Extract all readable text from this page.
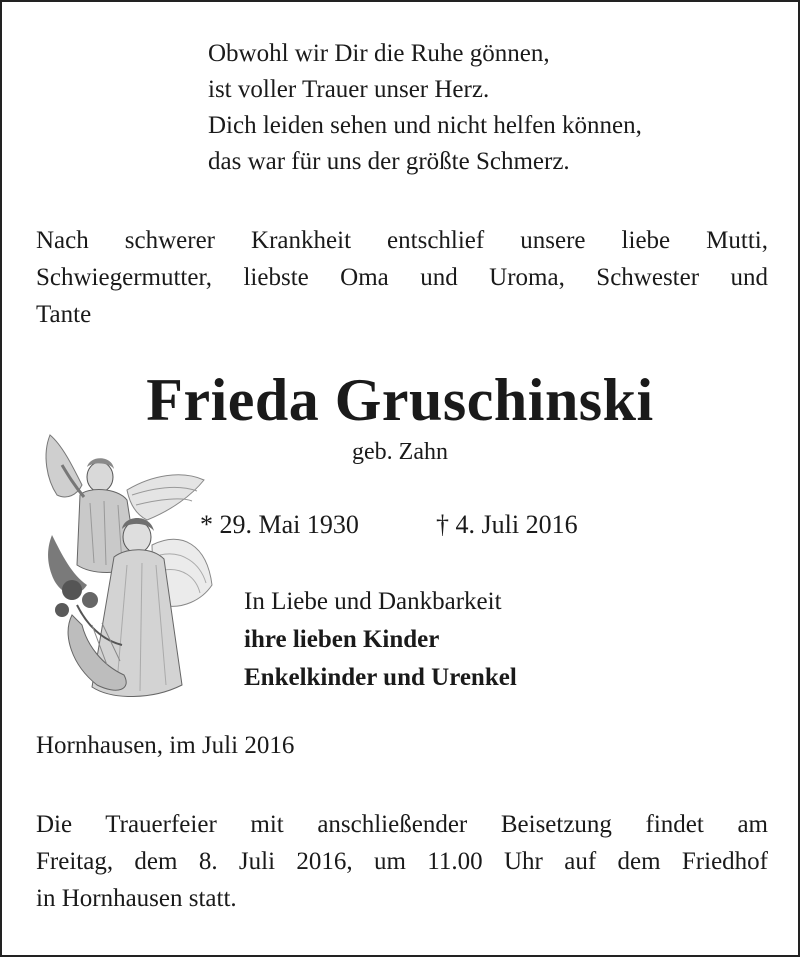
Obwohl wir Dir die Ruhe gönnen,
ist voller Trauer unser Herz.
Dich leiden sehen und nicht helfen können,
das war für uns der größte Schmerz.
Nach schwerer Krankheit entschlief unsere liebe Mutti,
Schwiegermutter, liebste Oma und Uroma, Schwester und
Tante
Frieda Gruschinski
geb. Zahn
* 29. Mai 1930	† 4. Juli 2016
In Liebe und Dankbarkeit
ihre lieben Kinder
Enkelkinder und Urenkel
Hornhausen, im Juli 2016
Die Trauerfeier mit anschließender Beisetzung findet am
Freitag, dem 8. Juli 2016, um 11.00 Uhr auf dem Friedhof
in Hornhausen statt.
